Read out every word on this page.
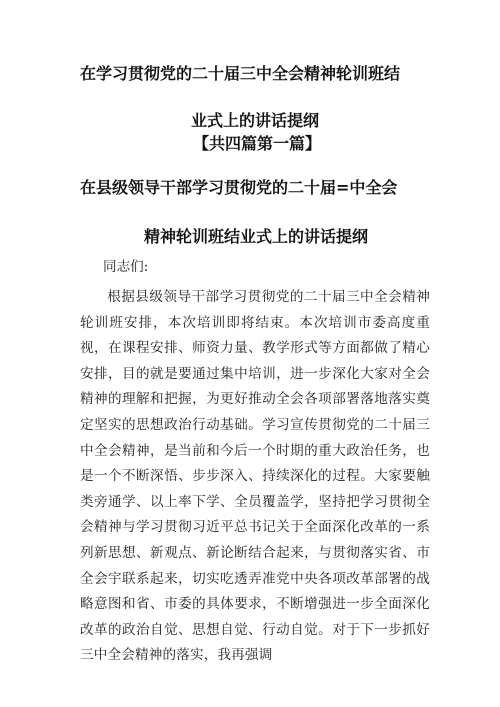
在学习贯彻党的二十届三中全会精神轮训班结
业式上的讲话提纲
【共四篇第一篇】
在县级领导干部学习贯彻党的二十届=中全会
精神轮训班结业式上的讲话提纲
同志们:
根据县级领导干部学习贯彻党的二十届三中全会精神轮训班安排，本次培训即将结束。本次培训市委高度重视，在课程安排、师资力量、教学形式等方面都做了精心安排，目的就是要通过集中培训，进一步深化大家对全会精神的理解和把握，为更好推动全会各项部署落地落实奠定坚实的思想政治行动基础。学习宣传贯彻党的二十届三中全会精神，是当前和今后一个时期的重大政治任务，也是一个不断深悟、步步深入、持续深化的过程。大家要触类旁通学、以上率下学、全员覆盖学，坚持把学习贯彻全会精神与学习贯彻习近平总书记关于全面深化改革的一系列新思想、新观点、新论断结合起来，与贯彻落实省、市全会宇联系起来，切实吃透弄准党中央各项改革部署的战略意图和省、市委的具体要求，不断增强进一步全面深化改革的政治自觉、思想自觉、行动自觉。对于下一步抓好三中全会精神的落实，我再强调
